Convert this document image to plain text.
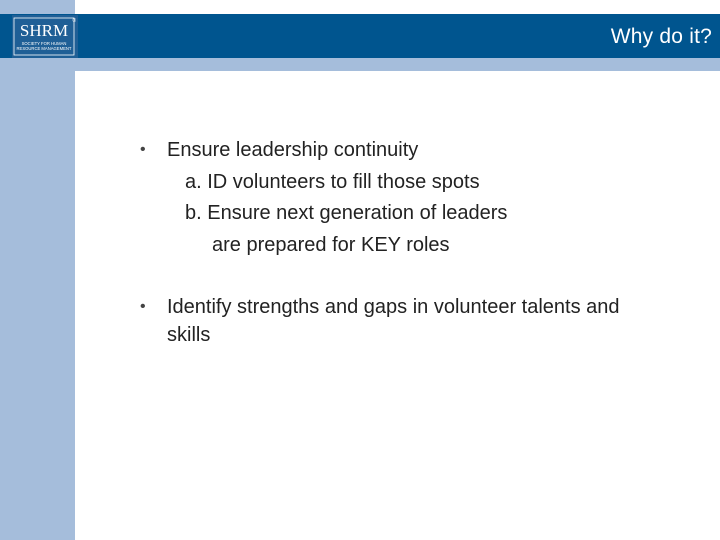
SHRM ®
SOCIETY FOR HUMAN
RESOURCE MANAGEMENT
Why do it?
• Ensure leadership continuity
a. ID volunteers to fill those spots
b. Ensure next generation of leaders
are prepared for KEY roles
• Identify strengths and gaps in volunteer talents and
skills
